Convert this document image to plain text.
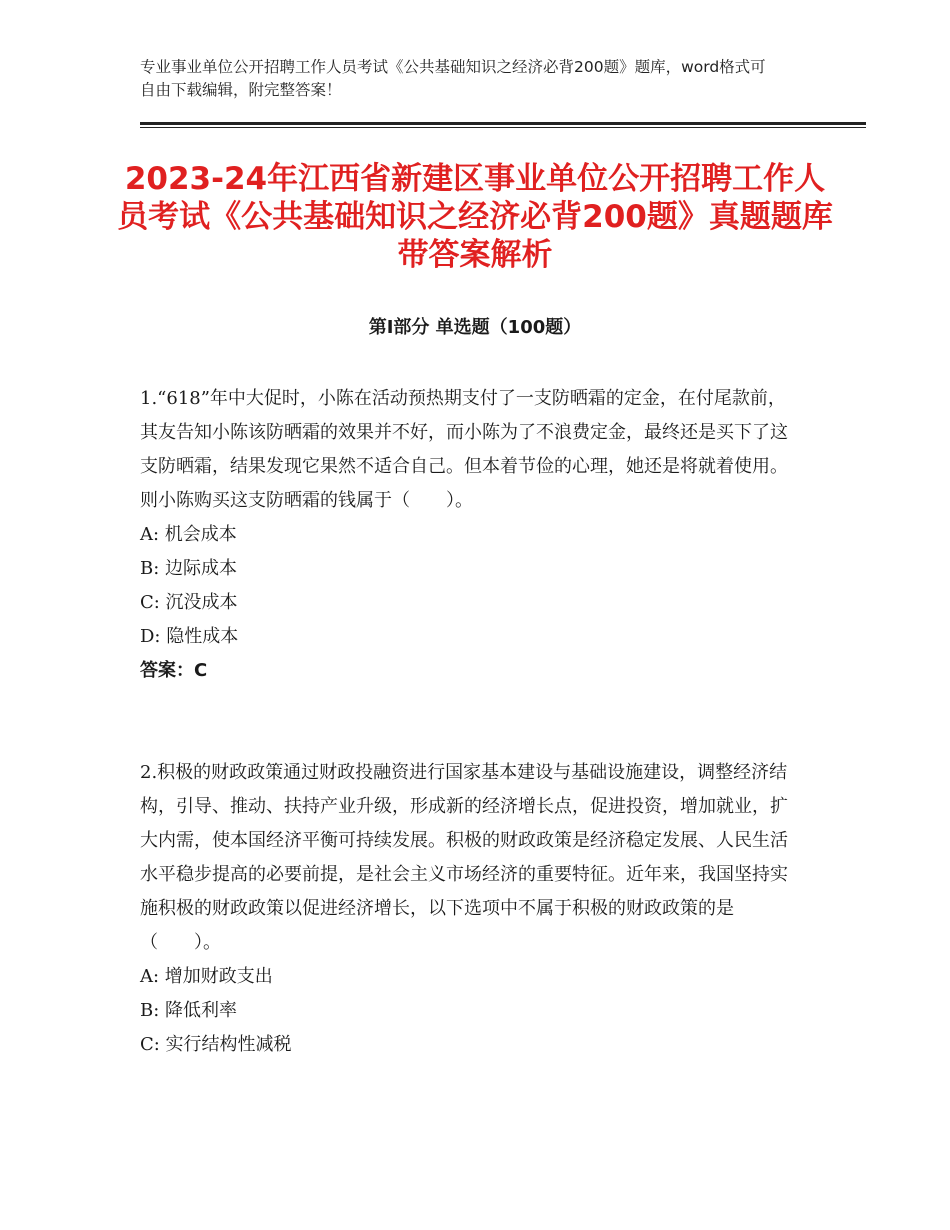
专业事业单位公开招聘工作人员考试《公共基础知识之经济必背200题》题库，word格式可自由下载编辑，附完整答案！
2023-24年江西省新建区事业单位公开招聘工作人员考试《公共基础知识之经济必背200题》真题题库带答案解析
第Ⅰ部分 单选题（100题）

1.“618”年中大促时，小陈在活动预热期支付了一支防晒霜的定金，在付尾款前，其友告知小陈该防晒霜的效果并不好，而小陈为了不浪费定金，最终还是买下了这支防晒霜，结果发现它果然不适合自己。但本着节俭的心理，她还是将就着使用。则小陈购买这支防晒霜的钱属于（　　）。

A: 机会成本

B: 边际成本

C: 沉没成本

D: 隐性成本

答案：C

2.积极的财政政策通过财政投融资进行国家基本建设与基础设施建设，调整经济结构，引导、推动、扶持产业升级，形成新的经济增长点，促进投资，增加就业，扩大内需，使本国经济平衡可持续发展。积极的财政政策是经济稳定发展、人民生活水平稳步提高的必要前提，是社会主义市场经济的重要特征。近年来，我国坚持实施积极的财政政策以促进经济增长，以下选项中不属于积极的财政政策的是（　　）。

A: 增加财政支出

B: 降低利率

C: 实行结构性减税
